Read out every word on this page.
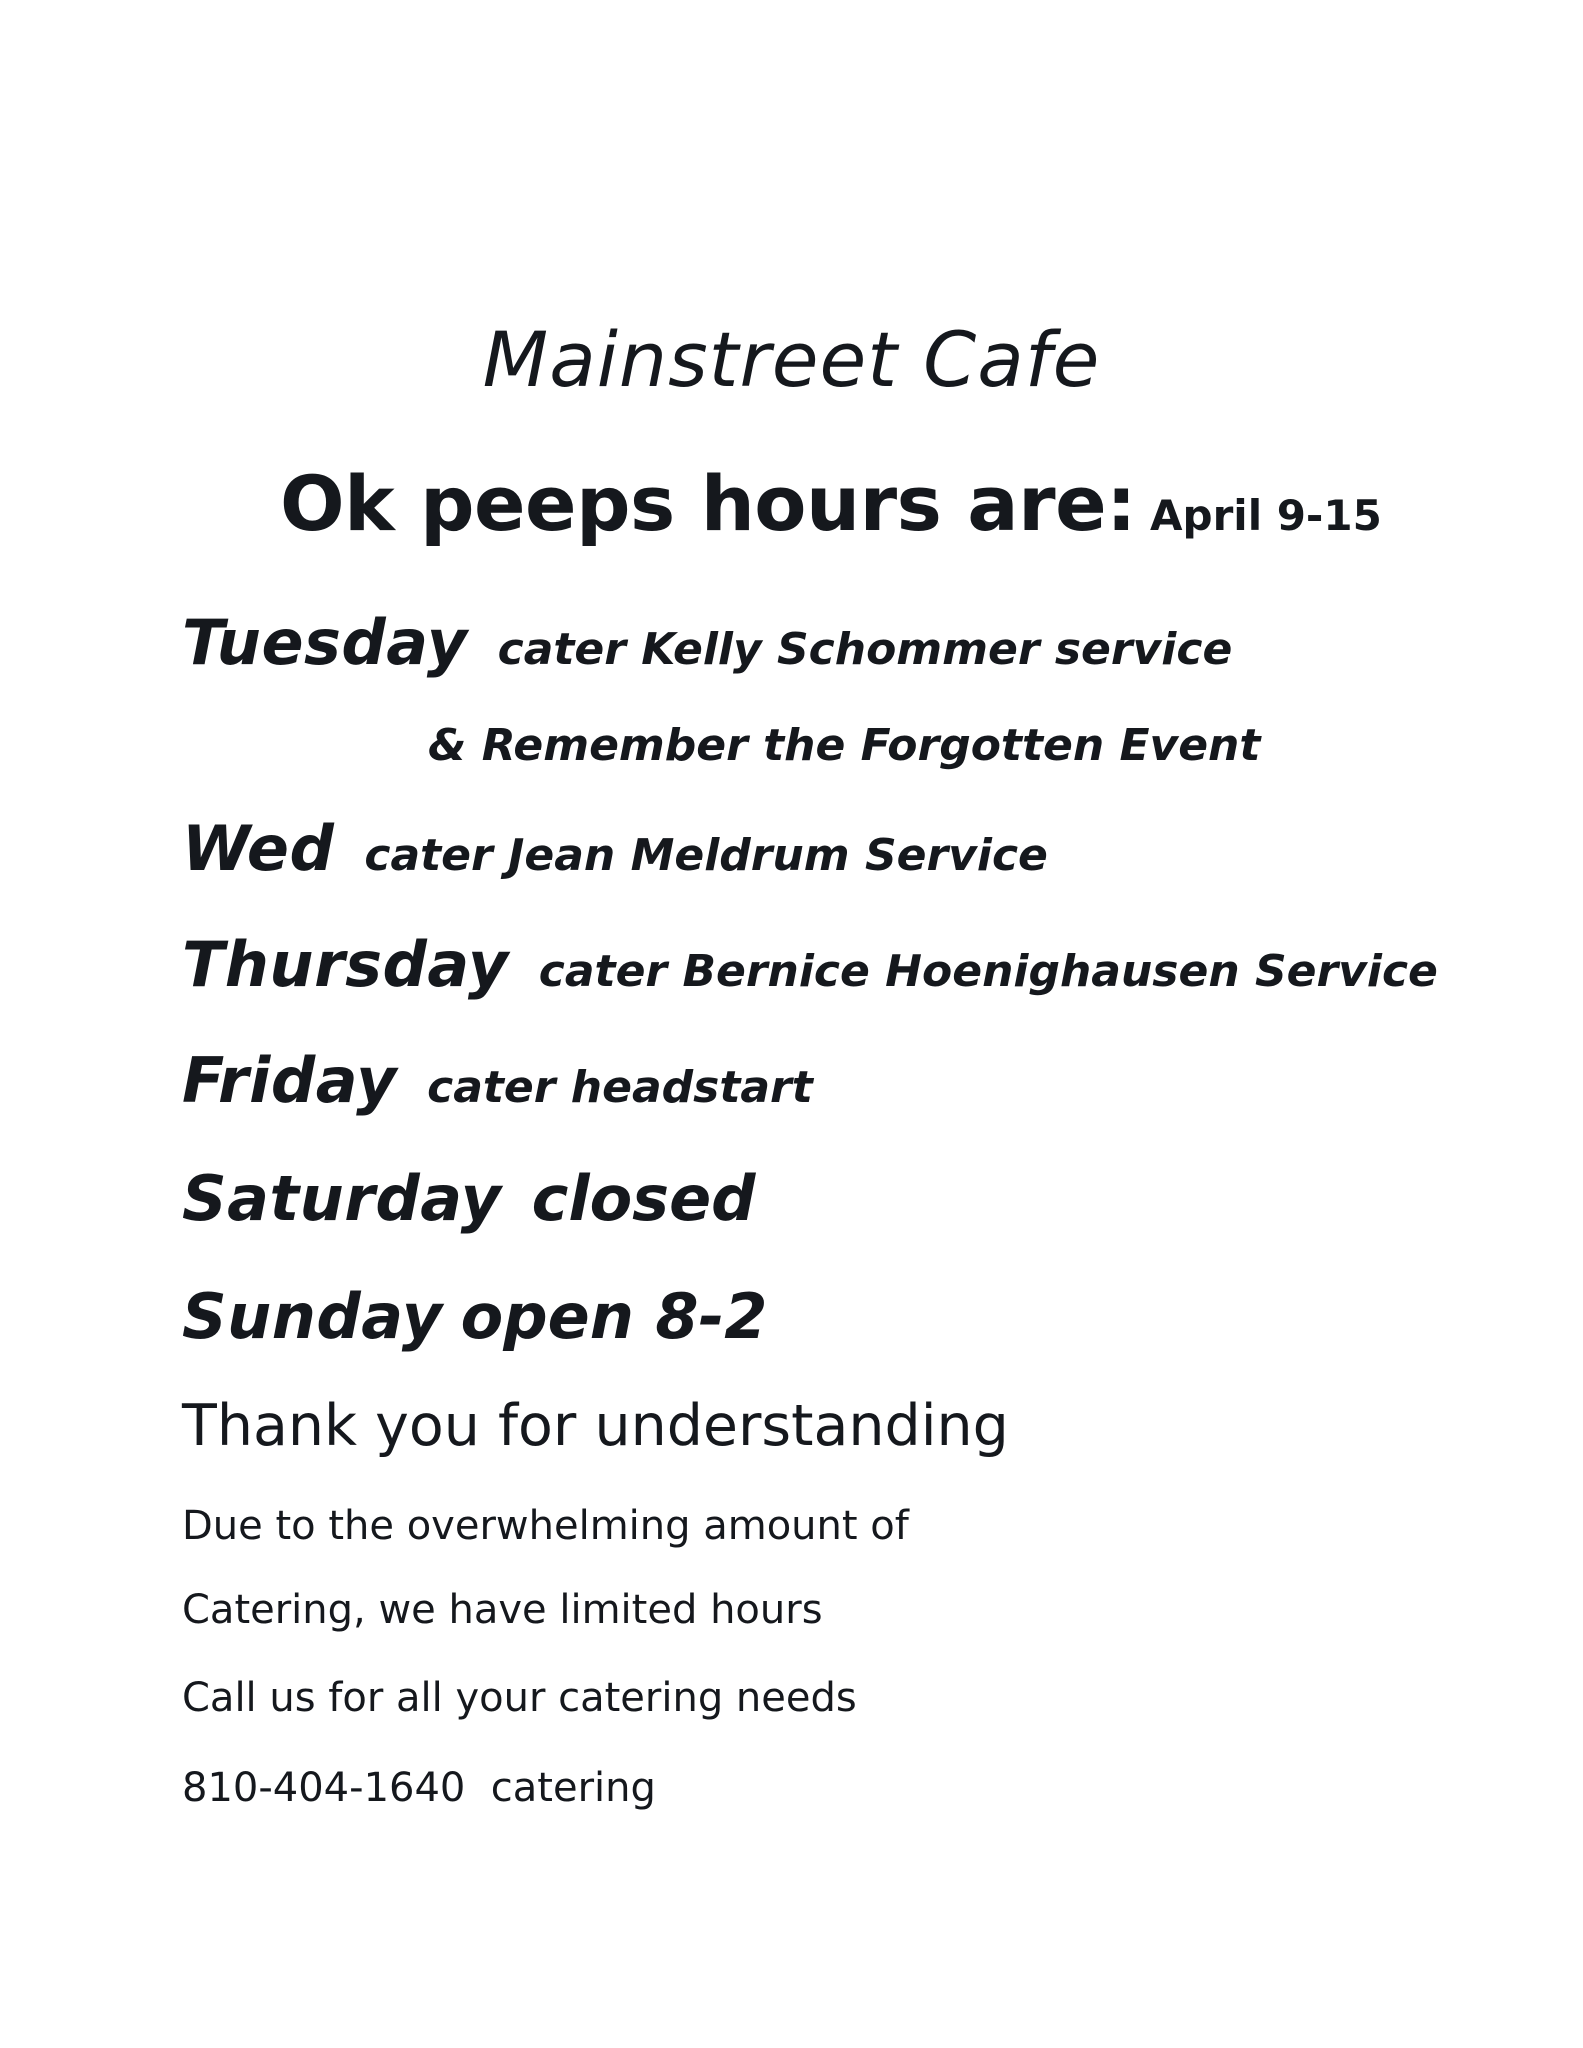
Mainstreet Cafe
Ok peeps hours are: April 9-15
Tuesday cater Kelly Schommer service
& Remember the Forgotten Event
Wed cater Jean Meldrum Service
Thursday cater Bernice Hoenighausen Service
Friday cater headstart
Saturday closed
Sunday open 8-2
Thank you for understanding
Due to the overwhelming amount of
Catering, we have limited hours
Call us for all your catering needs
810-404-1640  catering
